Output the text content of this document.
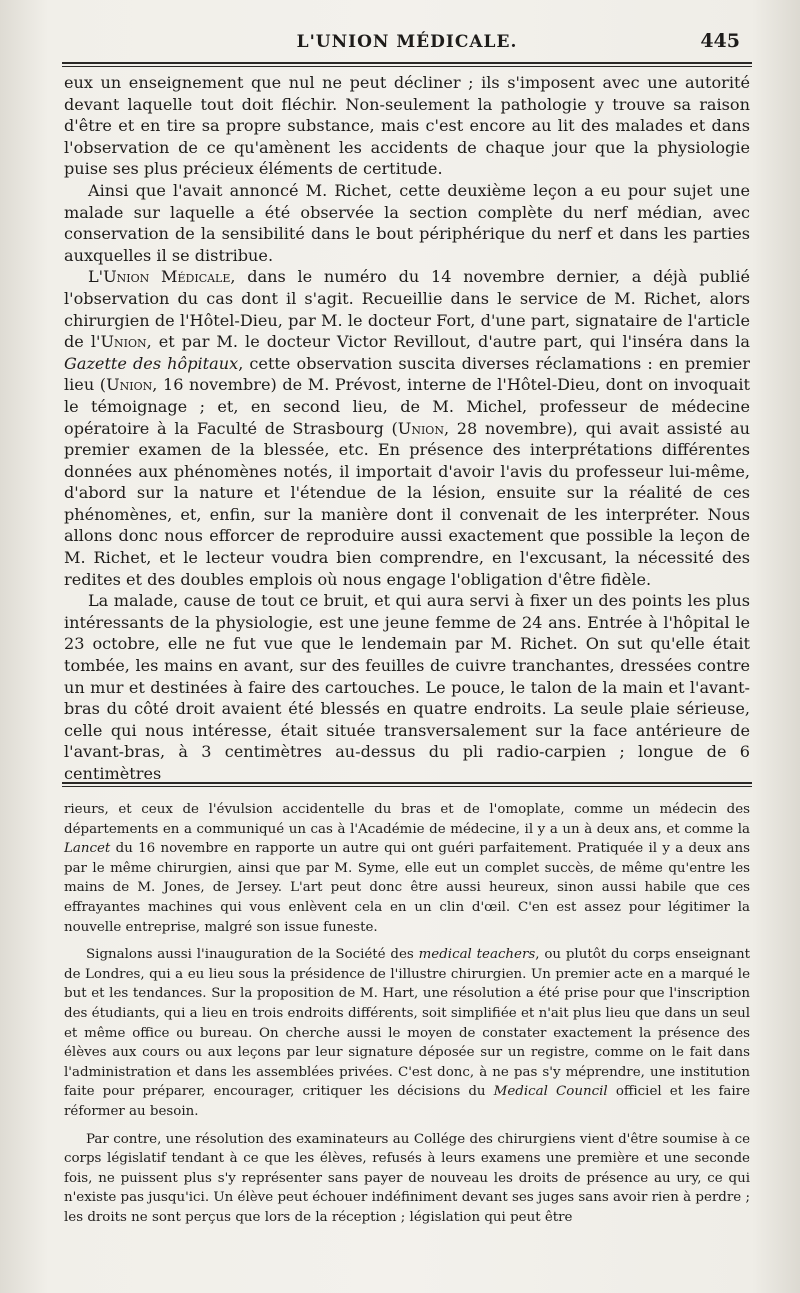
L'UNION MÉDICALE.	445

eux un enseignement que nul ne peut décliner ; ils s'imposent avec une autorité devant laquelle tout doit fléchir. Non-seulement la pathologie y trouve sa raison d'être et en tire sa propre substance, mais c'est encore au lit des malades et dans l'observation de ce qu'amènent les accidents de chaque jour que la physiologie puise ses plus précieux éléments de certitude.

Ainsi que l'avait annoncé M. Richet, cette deuxième leçon a eu pour sujet une malade sur laquelle a été observée la section complète du nerf médian, avec conservation de la sensibilité dans le bout périphérique du nerf et dans les parties auxquelles il se distribue.

L'Union Médicale, dans le numéro du 14 novembre dernier, a déjà publié l'observation du cas dont il s'agit. Recueillie dans le service de M. Richet, alors chirurgien de l'Hôtel-Dieu, par M. le docteur Fort, d'une part, signataire de l'article de l'Union, et par M. le docteur Victor Revillout, d'autre part, qui l'inséra dans la Gazette des hôpitaux, cette observation suscita diverses réclamations : en premier lieu (Union, 16 novembre) de M. Prévost, interne de l'Hôtel-Dieu, dont on invoquait le témoignage ; et, en second lieu, de M. Michel, professeur de médecine opératoire à la Faculté de Strasbourg (Union, 28 novembre), qui avait assisté au premier examen de la blessée, etc. En présence des interprétations différentes données aux phénomènes notés, il importait d'avoir l'avis du professeur lui-même, d'abord sur la nature et l'étendue de la lésion, ensuite sur la réalité de ces phénomènes, et, enfin, sur la manière dont il convenait de les interpréter. Nous allons donc nous efforcer de reproduire aussi exactement que possible la leçon de M. Richet, et le lecteur voudra bien comprendre, en l'excusant, la nécessité des redites et des doubles emplois où nous engage l'obligation d'être fidèle.

La malade, cause de tout ce bruit, et qui aura servi à fixer un des points les plus intéressants de la physiologie, est une jeune femme de 24 ans. Entrée à l'hôpital le 23 octobre, elle ne fut vue que le lendemain par M. Richet. On sut qu'elle était tombée, les mains en avant, sur des feuilles de cuivre tranchantes, dressées contre un mur et destinées à faire des cartouches. Le pouce, le talon de la main et l'avant-bras du côté droit avaient été blessés en quatre endroits. La seule plaie sérieuse, celle qui nous intéresse, était située transversalement sur la face antérieure de l'avant-bras, à 3 centimètres au-dessus du pli radio-carpien ; longue de 6 centimètres

rieurs, et ceux de l'évulsion accidentelle du bras et de l'omoplate, comme un médecin des départements en a communiqué un cas à l'Académie de médecine, il y a un à deux ans, et comme la Lancet du 16 novembre en rapporte un autre qui ont guéri parfaitement. Pratiquée il y a deux ans par le même chirurgien, ainsi que par M. Syme, elle eut un complet succès, de même qu'entre les mains de M. Jones, de Jersey. L'art peut donc être aussi heureux, sinon aussi habile que ces effrayantes machines qui vous enlèvent cela en un clin d'œil. C'en est assez pour légitimer la nouvelle entreprise, malgré son issue funeste.

Signalons aussi l'inauguration de la Société des medical teachers, ou plutôt du corps enseignant de Londres, qui a eu lieu sous la présidence de l'illustre chirurgien. Un premier acte en a marqué le but et les tendances. Sur la proposition de M. Hart, une résolution a été prise pour que l'inscription des étudiants, qui a lieu en trois endroits différents, soit simplifiée et n'ait plus lieu que dans un seul et même office ou bureau. On cherche aussi le moyen de constater exactement la présence des élèves aux cours ou aux leçons par leur signature déposée sur un registre, comme on le fait dans l'administration et dans les assemblées privées. C'est donc, à ne pas s'y méprendre, une institution faite pour préparer, encourager, critiquer les décisions du Medical Council officiel et les faire réformer au besoin.

Par contre, une résolution des examinateurs au Collége des chirurgiens vient d'être soumise à ce corps législatif tendant à ce que les élèves, refusés à leurs examens une première et une seconde fois, ne puissent plus s'y représenter sans payer de nouveau les droits de présence au ury, ce qui n'existe pas jusqu'ici. Un élève peut échouer indéfiniment devant ses juges sans avoir rien à perdre ; les droits ne sont perçus que lors de la réception ; législation qui peut être
